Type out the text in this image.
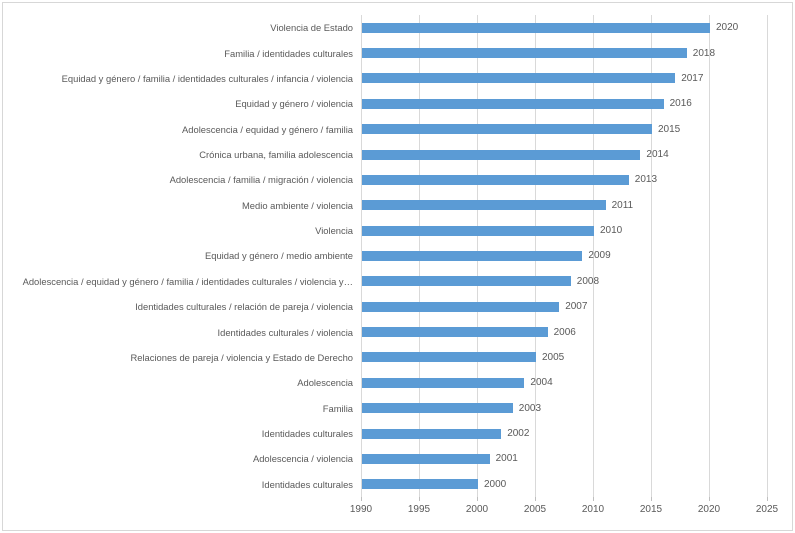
Violencia de Estado	2020
Familia / identidades culturales	2018
Equidad y género / familia / identidades culturales / infancia / violencia	2017
Equidad y género / violencia	2016
Adolescencia / equidad y género / familia	2015
Crónica urbana, familia adolescencia	2014
Adolescencia / familia / migración / violencia	2013
Medio ambiente / violencia	2011
Violencia	2010
Equidad y género / medio ambiente	2009
Adolescencia / equidad y género / familia / identidades culturales / violencia y…	2008
Identidades culturales / relación de pareja / violencia	2007
Identidades culturales / violencia	2006
Relaciones de pareja / violencia y Estado de Derecho	2005
Adolescencia	2004
Familia	2003
Identidades culturales	2002
Adolescencia / violencia	2001
Identidades culturales	2000
1990	1995	2000	2005	2010	2015	2020	2025
